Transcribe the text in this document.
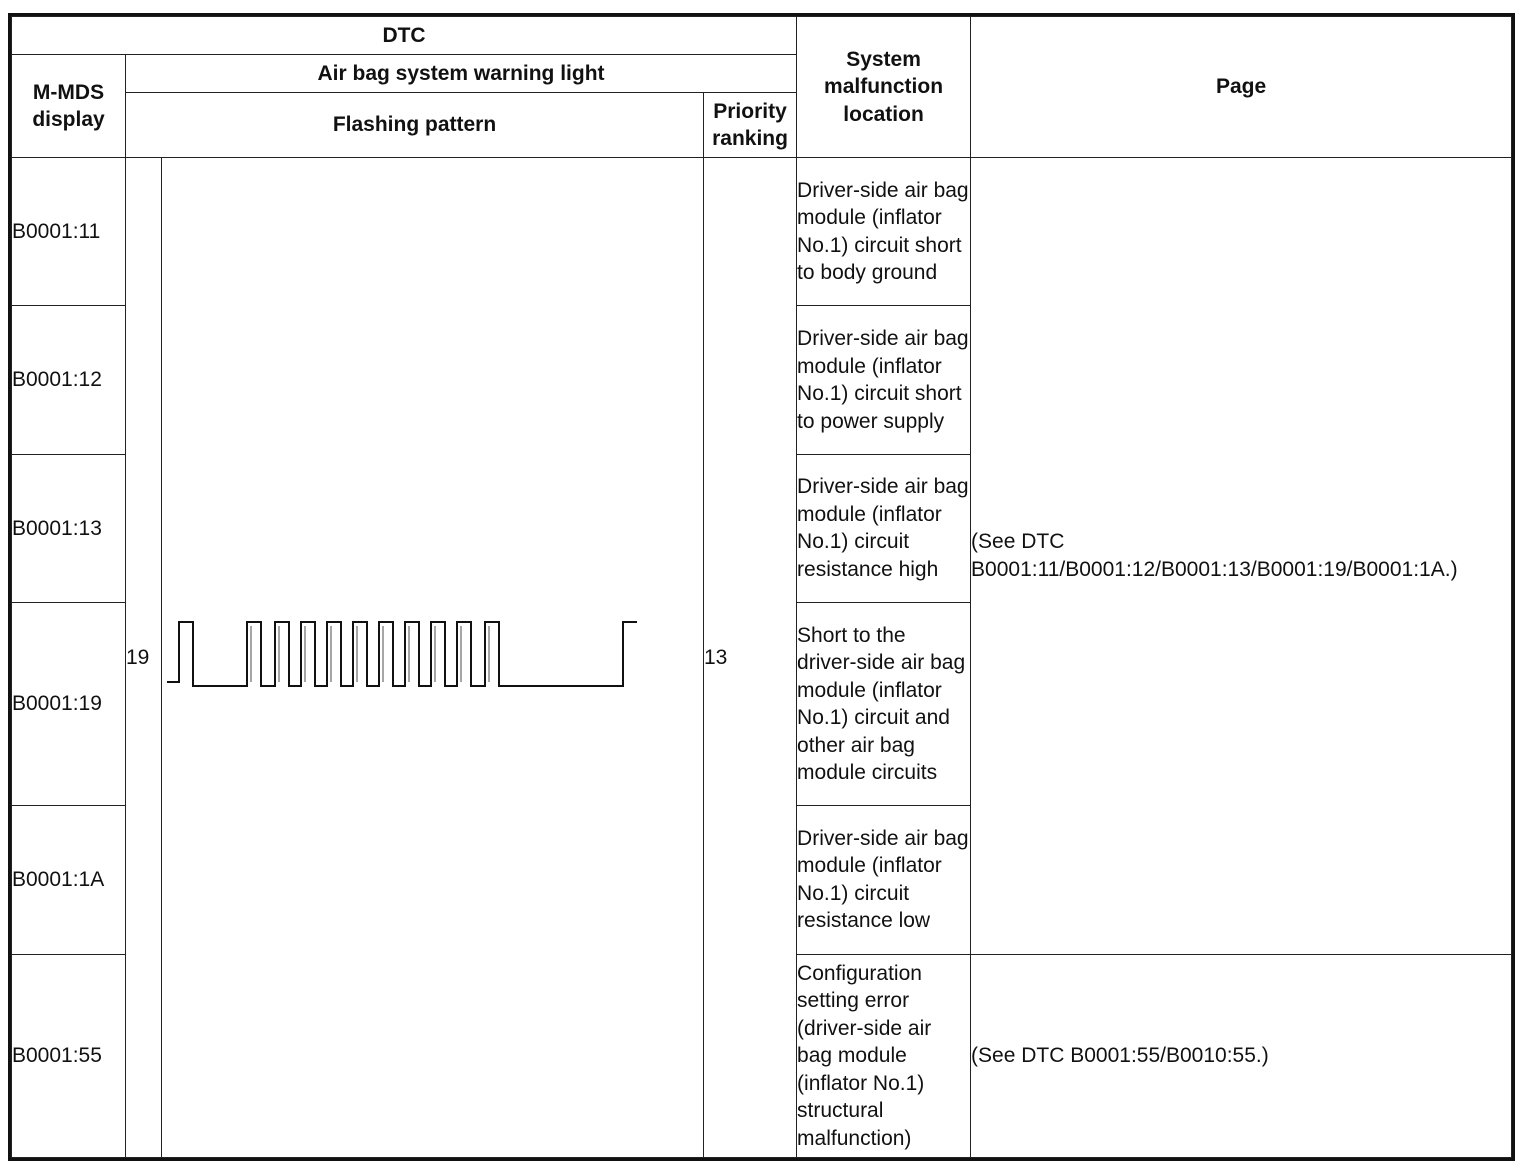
DTC				System malfunction location	Page

M-MDS display	Air bag system warning light				
	Flashing pattern		Priority ranking		

B0001:11	19		13	Driver-side air bag module (inflator No.1) circuit short to body ground	(See DTC
B0001:11/B0001:12/B0001:13/B0001:19/B0001:1A.)

B0001:12				Driver-side air bag module (inflator No.1) circuit short to power supply	
B0001:13				Driver-side air bag module (inflator No.1) circuit resistance high	
B0001:19				Short to the driver-side air bag module (inflator No.1) circuit and other air bag module circuits	
B0001:1A				Driver-side air bag module (inflator No.1) circuit resistance low	
B0001:55				Configuration setting error (driver-side air bag module (inflator No.1) structural malfunction)	(See DTC B0001:55/B0010:55.)
